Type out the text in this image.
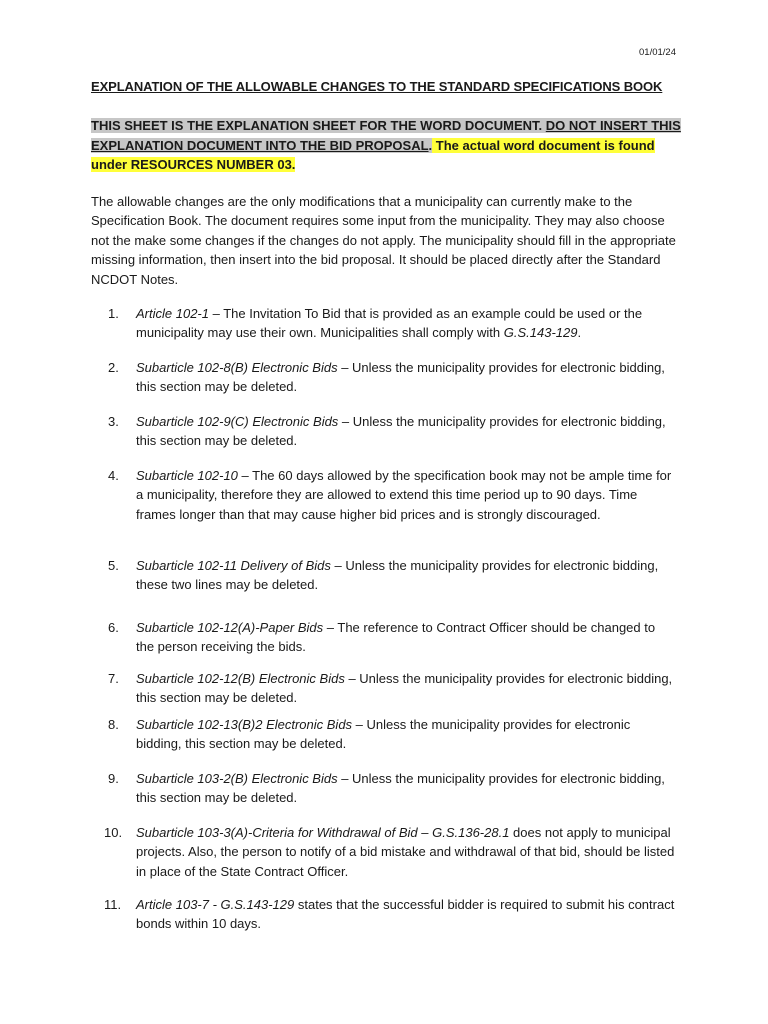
01/01/24
EXPLANATION OF THE ALLOWABLE CHANGES TO THE STANDARD SPECIFICATIONS BOOK
THIS SHEET IS THE EXPLANATION SHEET FOR THE WORD DOCUMENT. DO NOT INSERT THIS EXPLANATION DOCUMENT INTO THE BID PROPOSAL. The actual word document is found under RESOURCES NUMBER 03.
The allowable changes are the only modifications that a municipality can currently make to the Specification Book. The document requires some input from the municipality. They may also choose not the make some changes if the changes do not apply. The municipality should fill in the appropriate missing information, then insert into the bid proposal. It should be placed directly after the Standard NCDOT Notes.
1.	Article 102-1 – The Invitation To Bid that is provided as an example could be used or the municipality may use their own. Municipalities shall comply with G.S.143-129.
2.	Subarticle 102-8(B) Electronic Bids – Unless the municipality provides for electronic bidding, this section may be deleted.
3.	Subarticle 102-9(C) Electronic Bids – Unless the municipality provides for electronic bidding, this section may be deleted.
4.	Subarticle 102-10 – The 60 days allowed by the specification book may not be ample time for a municipality, therefore they are allowed to extend this time period up to 90 days. Time frames longer than that may cause higher bid prices and is strongly discouraged.
5.	Subarticle 102-11 Delivery of Bids – Unless the municipality provides for electronic bidding, these two lines may be deleted.
6.	Subarticle 102-12(A)-Paper Bids – The reference to Contract Officer should be changed to the person receiving the bids.
7.	Subarticle 102-12(B) Electronic Bids – Unless the municipality provides for electronic bidding, this section may be deleted.
8.	Subarticle 102-13(B)2 Electronic Bids – Unless the municipality provides for electronic bidding, this section may be deleted.
9.	Subarticle 103-2(B) Electronic Bids – Unless the municipality provides for electronic bidding, this section may be deleted.
10.	Subarticle 103-3(A)-Criteria for Withdrawal of Bid – G.S.136-28.1 does not apply to municipal projects. Also, the person to notify of a bid mistake and withdrawal of that bid, should be listed in place of the State Contract Officer.
11.	Article 103-7 - G.S.143-129 states that the successful bidder is required to submit his contract bonds within 10 days.
